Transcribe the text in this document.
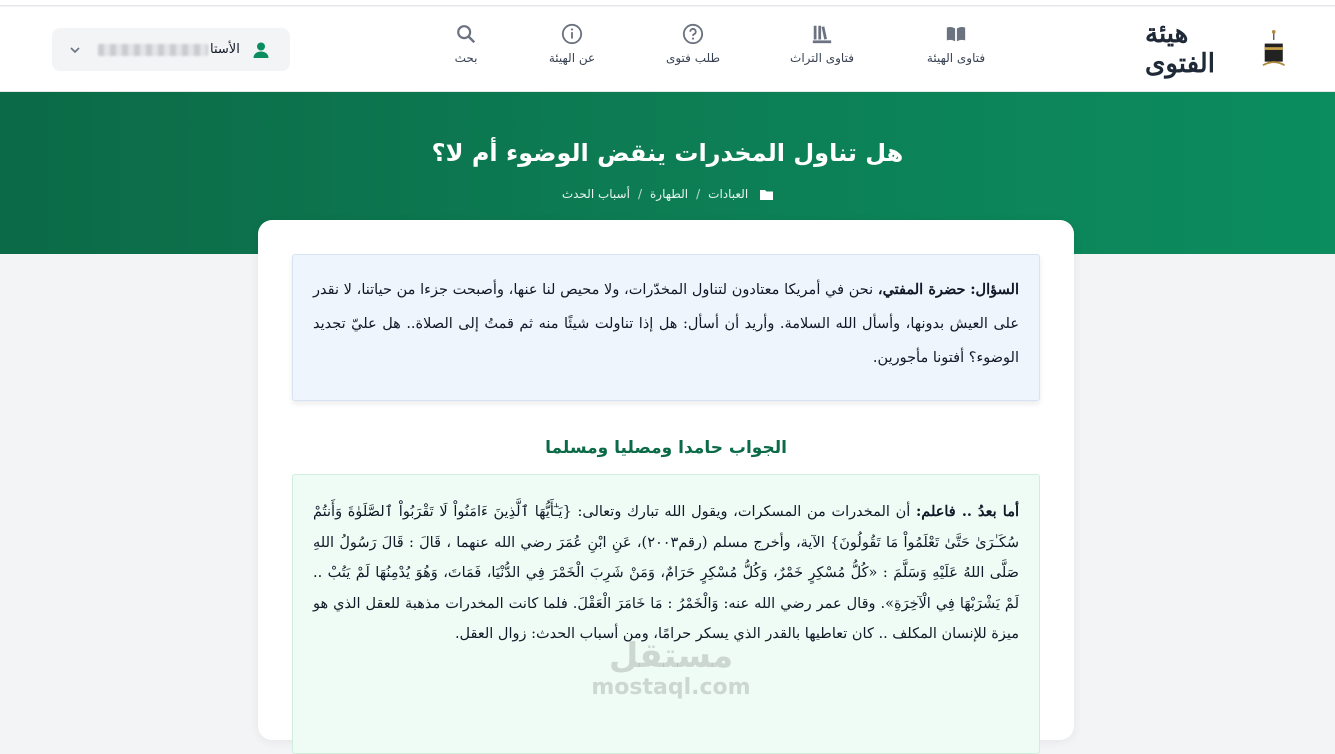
هيئة الفتوى
فتاوى الهيئة
فتاوى التراث
طلب فتوى
عن الهيئة
بحث
الأستا
هل تناول المخدرات ينقض الوضوء أم لا؟
العبادات
/
الطهارة
/
أسباب الحدث
السؤال: حضرة المفتي، نحن في أمريكا معتادون لتناول المخدّرات، ولا محيص لنا عنها، وأصبحت جزءا من حياتنا، لا نقدر على العيش بدونها، وأسأل الله السلامة. وأريد أن أسأل: هل إذا تناولت شيئًا منه ثم قمتُ إلى الصلاة.. هل عليّ تجديد الوضوء؟ أفتونا مأجورين.
الجواب حامدا ومصليا ومسلما
أما بعدُ .. فاعلم: أن المخدرات من المسكرات، ويقول الله تبارك وتعالى: {يَـٰٓأَيُّهَا ٱلَّذِينَ ءَامَنُواْ لَا تَقْرَبُواْ ٱلصَّلَوٰةَ وَأَنتُمْ سُكَـٰرَىٰ حَتَّىٰ تَعْلَمُواْ مَا تَقُولُونَ} الآية، وأخرج مسلم (رقم٢٠٠٣)، عَنِ ابْنِ عُمَرَ رضي الله عنهما ، قَالَ : قَالَ رَسُولُ اللهِ صَلَّى اللهُ عَلَيْهِ وَسَلَّمَ : «كُلُّ مُسْكِرٍ خَمْرٌ، وَكُلُّ مُسْكِرٍ حَرَامٌ، وَمَنْ شَرِبَ الْخَمْرَ فِي الدُّنْيَا، فَمَاتَ، وَهُوَ يُدْمِنُهَا لَمْ يَتُبْ .. لَمْ يَشْرَبْهَا فِي الْآخِرَةِ». وقال عمر رضي الله عنه: وَالْخَمْرُ : مَا خَامَرَ الْعَقْلَ. فلما كانت المخدرات مذهبة للعقل الذي هو ميزة للإنسان المكلف .. كان تعاطيها بالقدر الذي يسكر حرامًا، ومن أسباب الحدث: زوال العقل.
مستقل
mostaql.com
